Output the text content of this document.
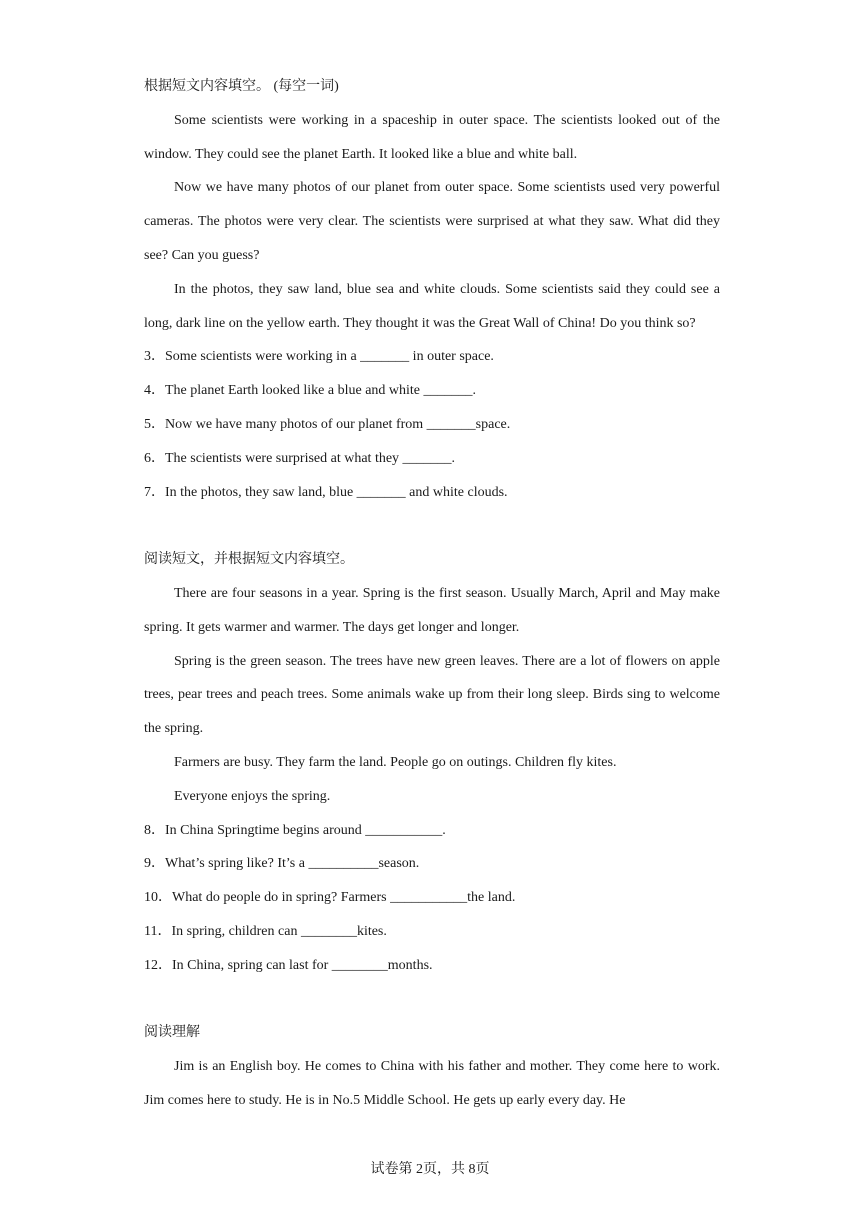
根据短文内容填空。 (每空一词)
Some scientists were working in a spaceship in outer space. The scientists looked out of the window. They could see the planet Earth. It looked like a blue and white ball.
Now we have many photos of our planet from outer space. Some scientists used very powerful cameras. The photos were very clear. The scientists were surprised at what they saw. What did they see? Can you guess?
In the photos, they saw land, blue sea and white clouds. Some scientists said they could see a long, dark line on the yellow earth. They thought it was the Great Wall of China! Do you think so?
3．Some scientists were working in a _______ in outer space.
4．The planet Earth looked like a blue and white _______.
5．Now we have many photos of our planet from _______space.
6．The scientists were surprised at what they _______.
7．In the photos, they saw land, blue _______ and white clouds.
阅读短文，并根据短文内容填空。
There are four seasons in a year. Spring is the first season. Usually March, April and May make spring. It gets warmer and warmer. The days get longer and longer.
Spring is the green season. The trees have new green leaves. There are a lot of flowers on apple trees, pear trees and peach trees. Some animals wake up from their long sleep. Birds sing to welcome the spring.
Farmers are busy. They farm the land. People go on outings. Children fly kites.
Everyone enjoys the spring.
8．In China Springtime begins around ___________.
9．What’s spring like? It’s a __________season.
10．What do people do in spring? Farmers ___________the land.
11．In spring, children can ________kites.
12．In China, spring can last for ________months.
阅读理解
Jim is an English boy. He comes to China with his father and mother. They come here to work. Jim comes here to study. He is in No.5 Middle School. He gets up early every day. He
试卷第 2页，共 8页
